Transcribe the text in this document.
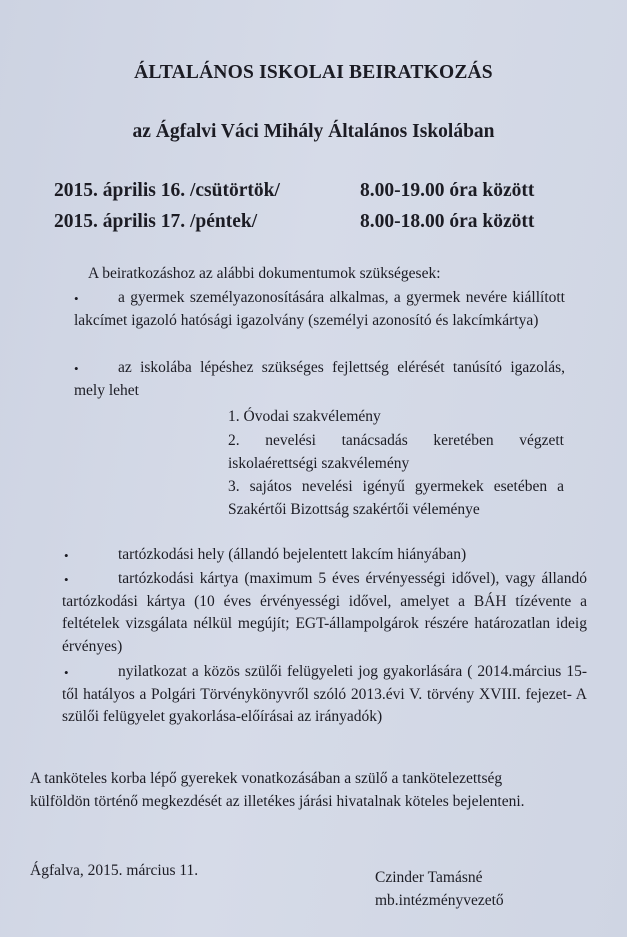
ÁLTALÁNOS ISKOLAI BEIRATKOZÁS
az Ágfalvi Váci Mihály Általános Iskolában
2015. április 16. /csütörtök/	8.00-19.00 óra között
2015. április 17. /péntek/	8.00-18.00 óra között
A beiratkozáshoz az alábbi dokumentumok szükségesek:
•	a gyermek személyazonosítására alkalmas, a gyermek nevére kiállított lakcímet igazoló hatósági igazolvány (személyi azonosító és lakcímkártya)

•	az iskolába lépéshez szükséges fejlettség elérését tanúsító igazolás, mely lehet

1. Óvodai szakvélemény

2. nevelési tanácsadás keretében végzett iskolaérettségi szakvélemény

3. sajátos nevelési igényű gyermekek esetében a Szakértői Bizottság szakértői véleménye

•	tartózkodási hely (állandó bejelentett lakcím hiányában)

•	tartózkodási kártya (maximum 5 éves érvényességi idővel), vagy állandó tartózkodási kártya (10 éves érvényességi idővel, amelyet a BÁH tízévente a feltételek vizsgálata nélkül megújít; EGT-állampolgárok részére határozatlan ideig érvényes)

•	nyilatkozat a közös szülői felügyeleti jog gyakorlására ( 2014.március 15-től hatályos a Polgári Törvénykönyvről szóló 2013.évi V. törvény XVIII. fejezet- A szülői felügyelet gyakorlása-előírásai az irányadók)

A tanköteles korba lépő gyerekek vonatkozásában a szülő a tankötelezettség külföldön történő megkezdését az illetékes járási hivatalnak köteles bejelenteni.

Ágfalva, 2015. március 11.	Czinder Tamásné
mb.intézményvezető
